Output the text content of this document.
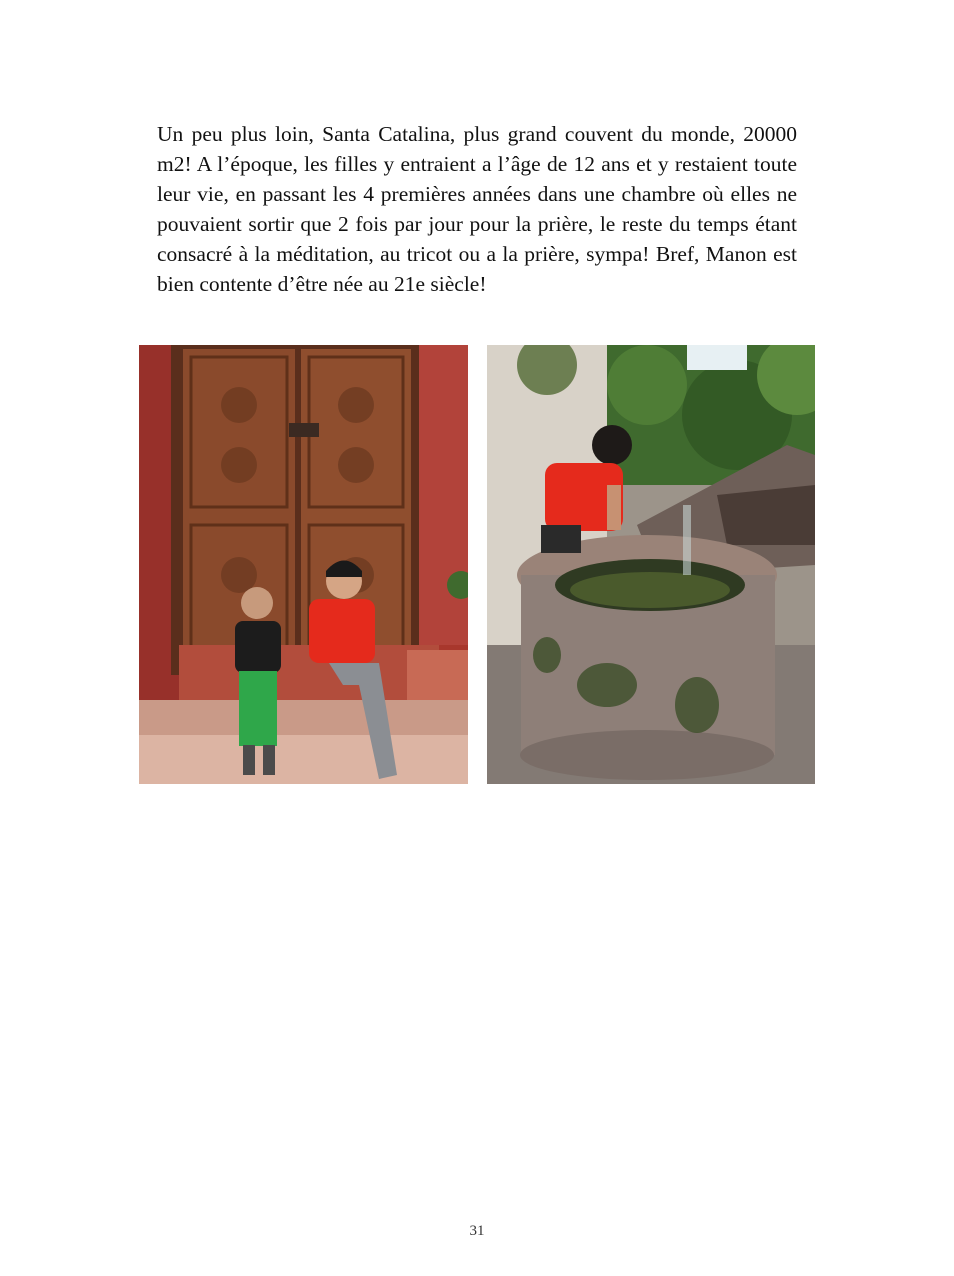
Un peu plus loin, Santa Catalina, plus grand couvent du monde, 20000 m2! A l’époque, les filles y entraient a l’âge de 12 ans et y restaient toute leur vie, en passant les 4 premières années dans une chambre où elles ne pouvaient sortir que 2 fois par jour pour la prière, le reste du temps étant consacré à la méditation, au tricot ou a la prière, sympa! Bref, Manon est bien contente d’être née au 21e siècle!

31
